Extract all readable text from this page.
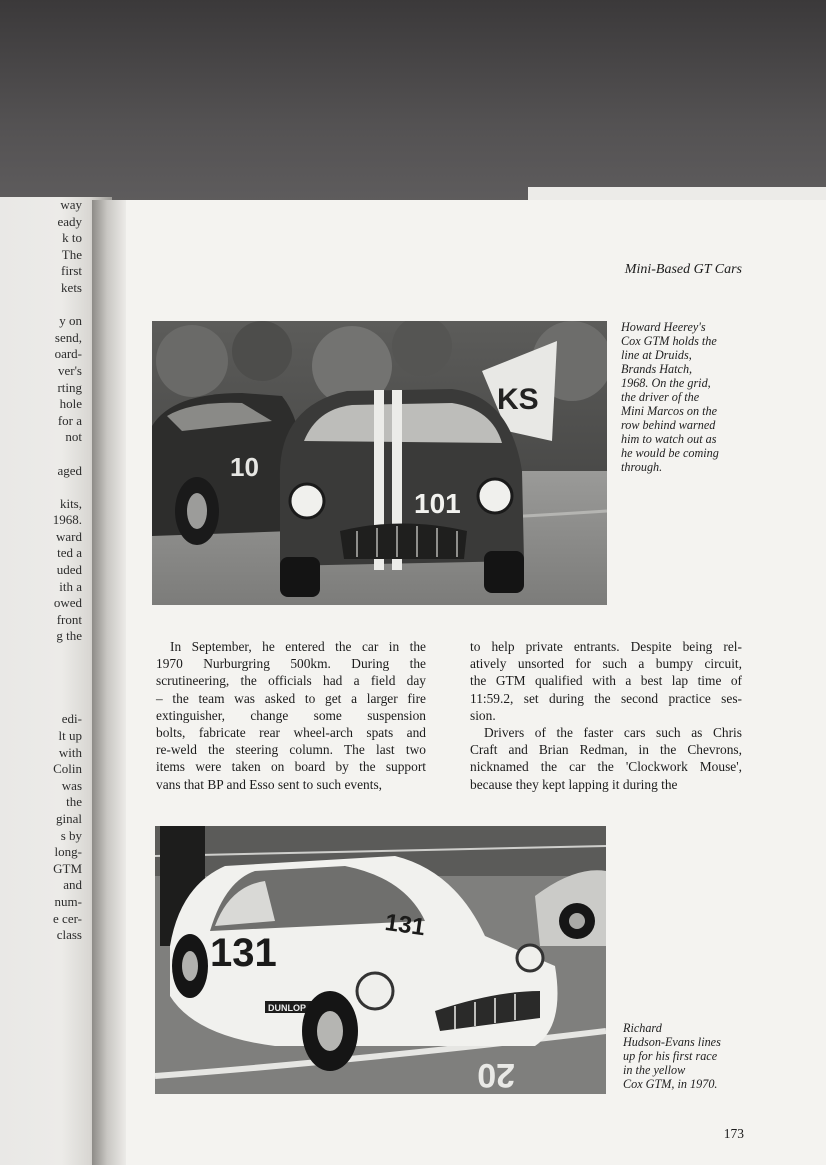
way
eady
k to
The
first
kets
y on
send,
oard-
ver's
rting
hole
for a
not
aged
kits,
1968.
ward
ted a
uded
ith a
owed
front
g the
edi-
lt up
with
Colin
was
the
ginal
s by
long-
GTM
and
num-
e cer-
class
Mini-Based GT Cars
KS
10
101
Howard Heerey's
Cox GTM holds the
line at Druids,
Brands Hatch,
1968. On the grid,
the driver of the
Mini Marcos on the
row behind warned
him to watch out as
he would be coming
through.
In September, he entered the car in the
1970 Nurburgring 500km. During the
scrutineering, the officials had a field day
– the team was asked to get a larger fire
extinguisher, change some suspension
bolts, fabricate rear wheel-arch spats and
re-weld the steering column. The last two
items were taken on board by the support
vans that BP and Esso sent to such events,
to help private entrants. Despite being rel-
atively unsorted for such a bumpy circuit,
the GTM qualified with a best lap time of
11:59.2, set during the second practice ses-
sion.
Drivers of the faster cars such as Chris
Craft and Brian Redman, in the Chevrons,
nicknamed the car the 'Clockwork Mouse',
because they kept lapping it during the
20
131
131
DUNLOP
Richard
Hudson-Evans lines
up for his first race
in the yellow
Cox GTM, in 1970.
173
